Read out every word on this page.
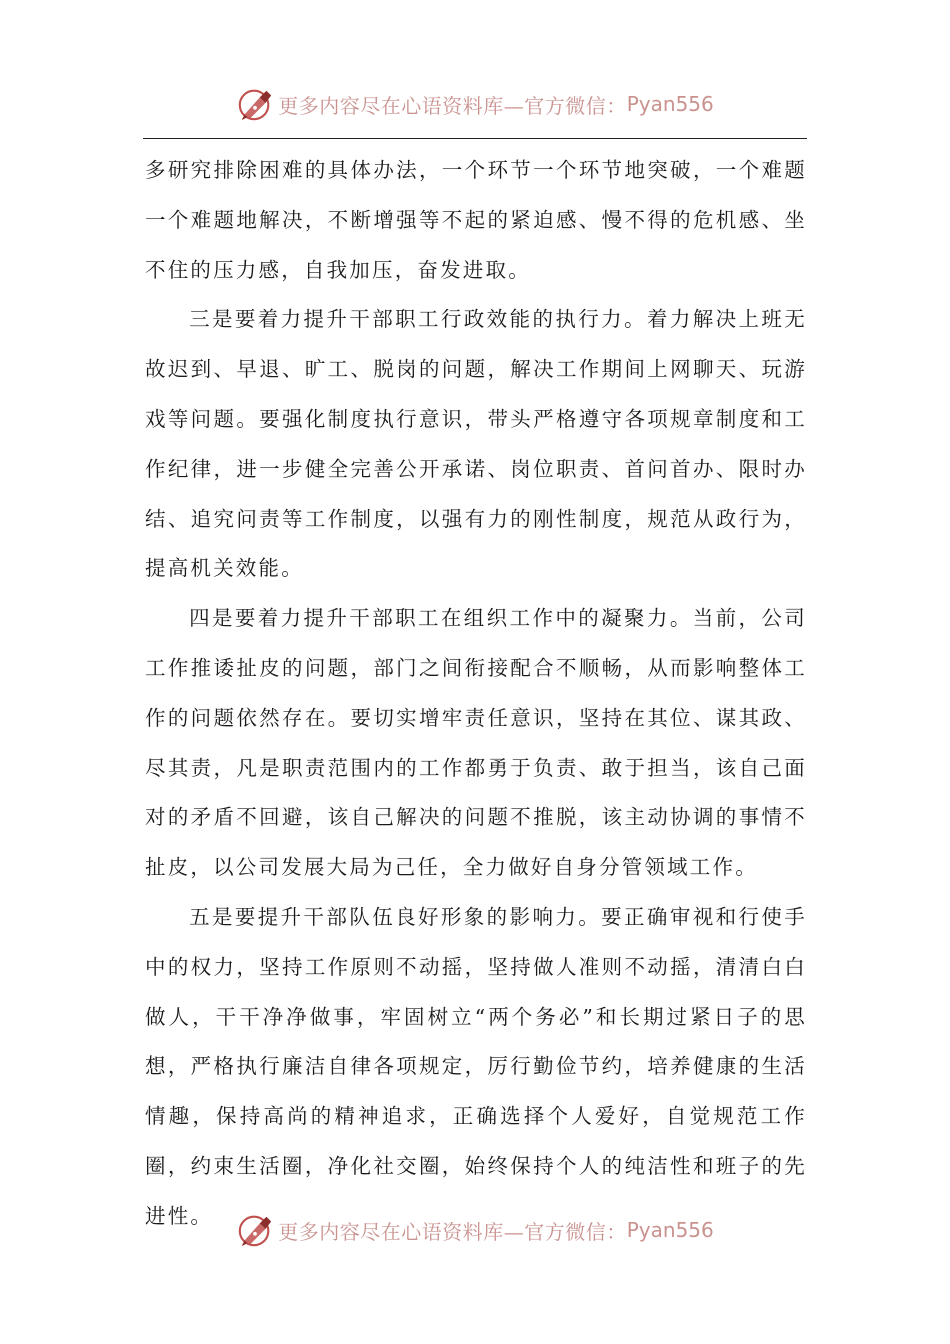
更多内容尽在心语资料库—官方微信： Pyan556

多研究排除困难的具体办法，一个环节一个环节地突破，一个难题一个难题地解决，不断增强等不起的紧迫感、慢不得的危机感、坐不住的压力感，自我加压，奋发进取。

三是要着力提升干部职工行政效能的执行力。着力解决上班无故迟到、早退、旷工、脱岗的问题，解决工作期间上网聊天、玩游戏等问题。要强化制度执行意识，带头严格遵守各项规章制度和工作纪律，进一步健全完善公开承诺、岗位职责、首问首办、限时办结、追究问责等工作制度，以强有力的刚性制度，规范从政行为，提高机关效能。

四是要着力提升干部职工在组织工作中的凝聚力。当前，公司工作推诿扯皮的问题，部门之间衔接配合不顺畅，从而影响整体工作的问题依然存在。要切实增牢责任意识，坚持在其位、谋其政、尽其责，凡是职责范围内的工作都勇于负责、敢于担当，该自己面对的矛盾不回避，该自己解决的问题不推脱，该主动协调的事情不扯皮，以公司发展大局为己任，全力做好自身分管领域工作。

五是要提升干部队伍良好形象的影响力。要正确审视和行使手中的权力，坚持工作原则不动摇，坚持做人准则不动摇，清清白白做人，干干净净做事，牢固树立“两个务必”和长期过紧日子的思想，严格执行廉洁自律各项规定，厉行勤俭节约，培养健康的生活情趣，保持高尚的精神追求，正确选择个人爱好，自觉规范工作圈，约束生活圈，净化社交圈，始终保持个人的纯洁性和班子的先进性。

更多内容尽在心语资料库—官方微信： Pyan556
